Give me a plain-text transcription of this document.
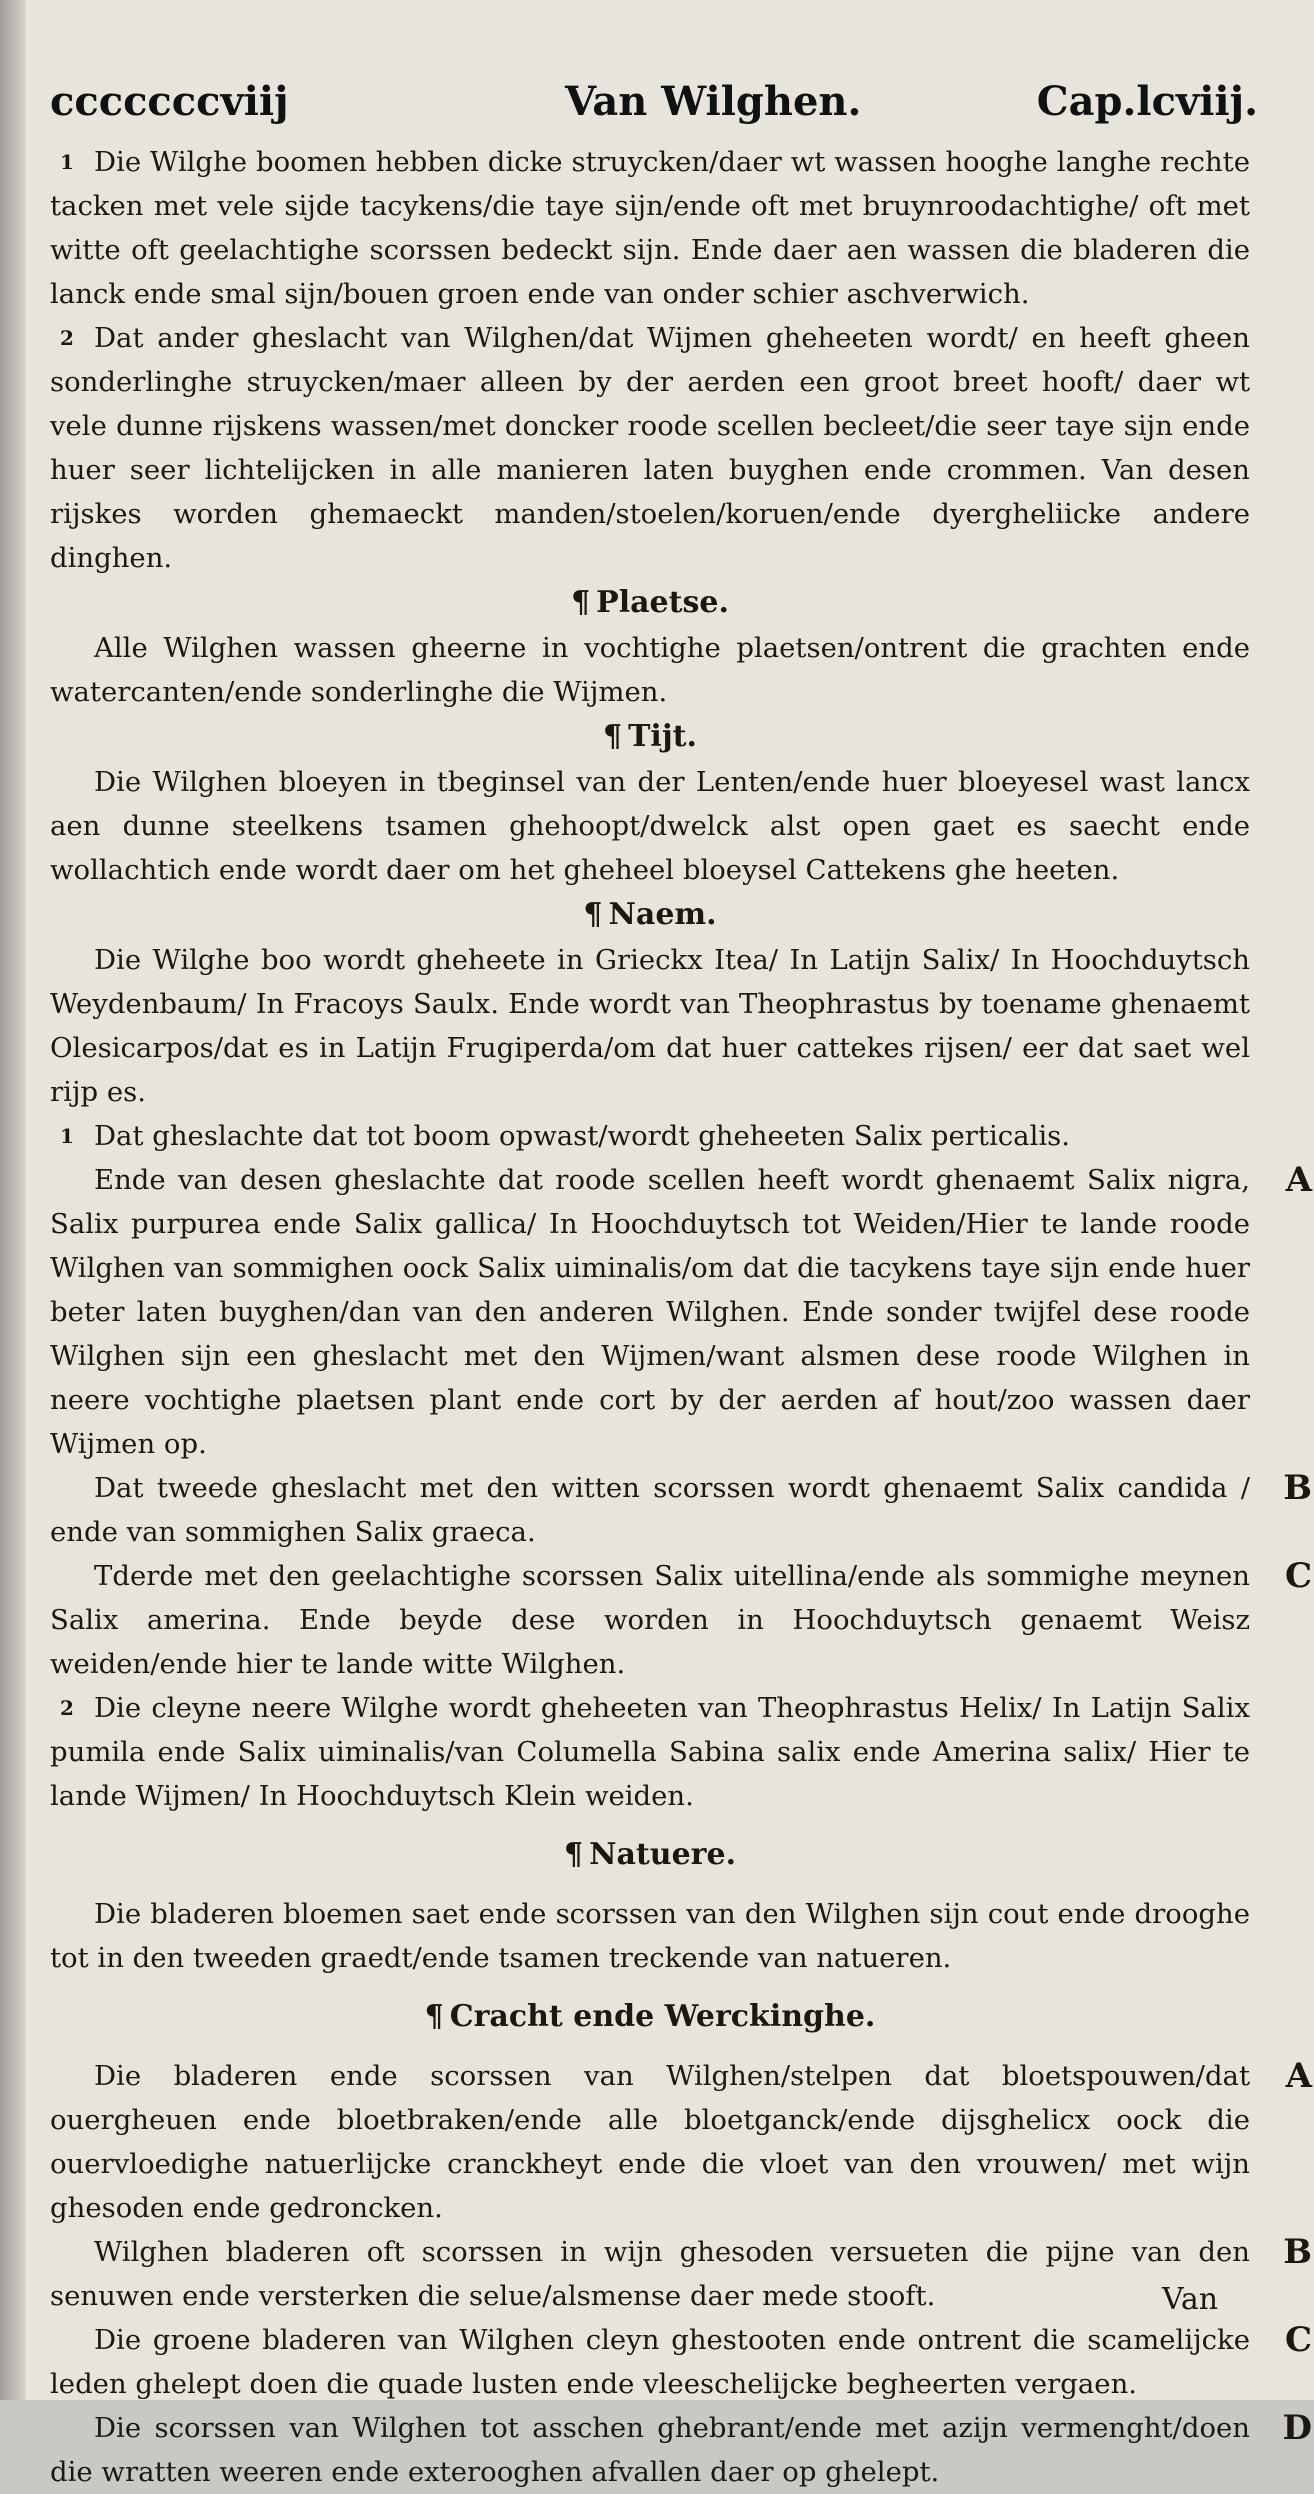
cccccccviij	Van Wilghen.	Cap.lcviij.

1 Die Wilghe boomen hebben dicke struycken/daer wt wassen hooghe langhe rechte tacken met vele sijde tacykens/die taye sijn/ende oft met bruynroodachtighe/ oft met witte oft geelachtighe scorssen bedeckt sijn. Ende daer aen wassen die bladeren die lanck ende smal sijn/bouen groen ende van onder schier aschverwich.

2 Dat ander gheslacht van Wilghen/dat Wijmen gheheeten wordt/ en heeft gheen sonderlinghe struycken/maer alleen by der aerden een groot breet hooft/ daer wt vele dunne rijskens wassen/met doncker roode scellen becleet/die seer taye sijn ende huer seer lichtelijcken in alle manieren laten buyghen ende crommen. Van desen rijskes worden ghemaeckt manden/stoelen/koruen/ende dyergheliicke andere dinghen.

¶ Plaetse.

Alle Wilghen wassen gheerne in vochtighe plaetsen/ontrent die grachten ende watercanten/ende sonderlinghe die Wijmen.

¶ Tijt.

Die Wilghen bloeyen in tbeginsel van der Lenten/ende huer bloeyesel wast lancx aen dunne steelkens tsamen ghehoopt/dwelck alst open gaet es saecht ende wollachtich ende wordt daer om het gheheel bloeysel Cattekens ghe heeten.

¶ Naem.

Die Wilghe boo wordt gheheete in Grieckx Itea/ In Latijn Salix/ In Hoochduytsch Weydenbaum/ In Fracoys Saulx. Ende wordt van Theophrastus by toename ghenaemt Olesicarpos/dat es in Latijn Frugiperda/om dat huer cattekes rijsen/ eer dat saet wel rijp es.

1 Dat gheslachte dat tot boom opwast/wordt gheheeten Salix perticalis.

A
Ende van desen gheslachte dat roode scellen heeft wordt ghenaemt Salix nigra, Salix purpurea ende Salix gallica/ In Hoochduytsch tot Weiden/Hier te lande roode Wilghen van sommighen oock Salix uiminalis/om dat die tacykens taye sijn ende huer beter laten buyghen/dan van den anderen Wilghen. Ende sonder twijfel dese roode Wilghen sijn een gheslacht met den Wijmen/want alsmen dese roode Wilghen in neere vochtighe plaetsen plant ende cort by der aerden af hout/zoo wassen daer Wijmen op.

B
Dat tweede gheslacht met den witten scorssen wordt ghenaemt Salix candida / ende van sommighen Salix graeca.

C
Tderde met den geelachtighe scorssen Salix uitellina/ende als sommighe meynen Salix amerina. Ende beyde dese worden in Hoochduytsch genaemt Weisz weiden/ende hier te lande witte Wilghen.

2 Die cleyne neere Wilghe wordt gheheeten van Theophrastus Helix/ In Latijn Salix pumila ende Salix uiminalis/van Columella Sabina salix ende Amerina salix/ Hier te lande Wijmen/ In Hoochduytsch Klein weiden.

¶ Natuere.

Die bladeren bloemen saet ende scorssen van den Wilghen sijn cout ende drooghe tot in den tweeden graedt/ende tsamen treckende van natueren.

¶ Cracht ende Werckinghe.

A
Die bladeren ende scorssen van Wilghen/stelpen dat bloetspouwen/dat ouergheuen ende bloetbraken/ende alle bloetganck/ende dijsghelicx oock die ouervloedighe natuerlijcke cranckheyt ende die vloet van den vrouwen/ met wijn ghesoden ende gedroncken.

B
Wilghen bladeren oft scorssen in wijn ghesoden versueten die pijne van den senuwen ende versterken die selue/alsmense daer mede stooft.

C
Die groene bladeren van Wilghen cleyn ghestooten ende ontrent die scamelijcke leden ghelept doen die quade lusten ende vleeschelijcke begheerten vergaen.

D
Die scorssen van Wilghen tot asschen ghebrant/ende met azijn vermenght/doen die wratten weeren ende exterooghen afvallen daer op ghelept.

Van
